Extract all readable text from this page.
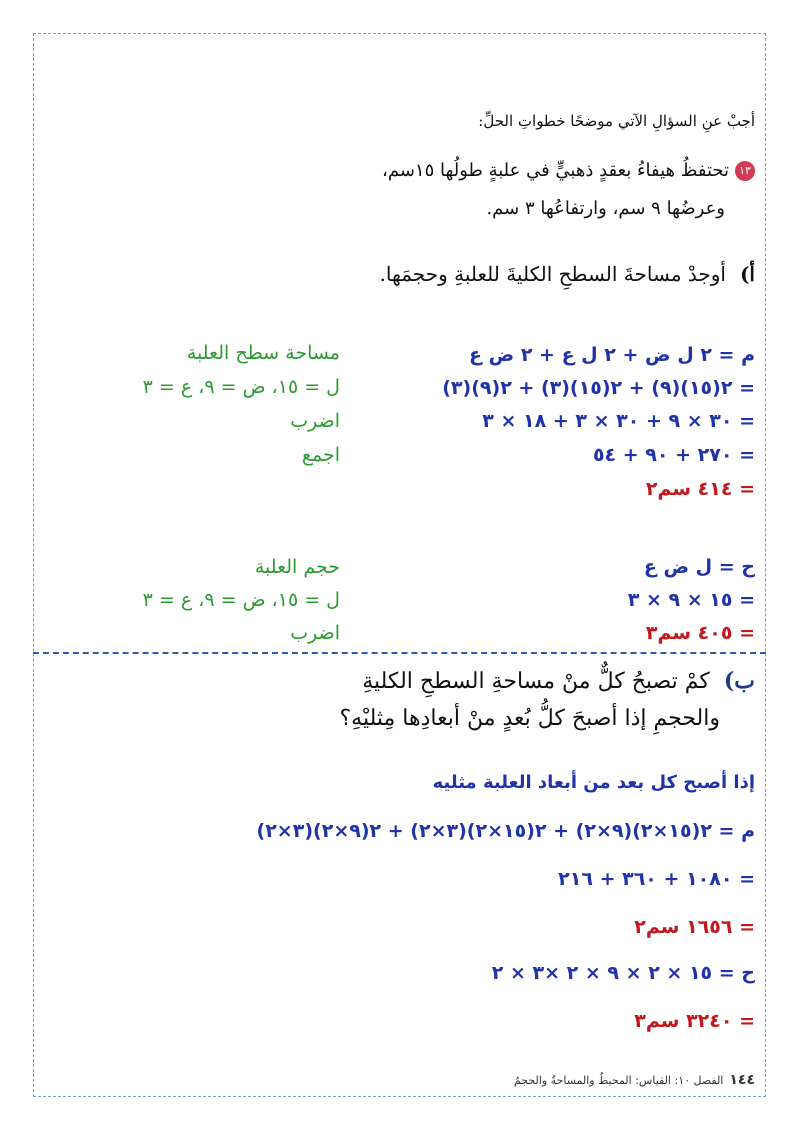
أجبْ عنِ السؤالِ الآتي موضحًا خطواتِ الحلِّ:
١٣تحتفظُ هيفاءُ بعقدٍ ذهبيٍّ في علبةٍ طولُها ١٥سم،
وعرضُها ٩ سم، وارتفاعُها ٣ سم.
أ)أوجدْ مساحةَ السطحِ الكليةَ للعلبةِ وحجمَها.
م = ٢ ل ض + ٢ ل ع + ٢ ض ع
= ٢(١٥)(٩) + ٢(١٥)(٣) + ٢(٩)(٣)
= ٣٠ × ٩ + ٣٠ × ٣ + ١٨ × ٣
= ٢٧٠ + ٩٠ + ٥٤
= ٤١٤ سم٢
مساحة سطح العلبة
ل = ١٥، ض = ٩، ع = ٣
اضرب
اجمع
ح = ل ض ع
= ١٥ × ٩ × ٣
= ٤٠٥ سم٣
حجم العلبة
ل = ١٥، ض = ٩، ع = ٣
اضرب
ب)كمْ تصبحُ كلٌّ منْ مساحةِ السطحِ الكليةِ
والحجمِ إذا أصبحَ كلُّ بُعدٍ منْ أبعادِها مِثليْهِ؟
إذا أصبح كل بعد من أبعاد العلبة مثليه
م = ٢(١٥×٢)(٩×٢) + ٢(١٥×٢)(٣×٢) + ٢(٩×٢)(٣×٢)
= ١٠٨٠ + ٣٦٠ + ٢١٦
= ١٦٥٦ سم٢
ح = ١٥ × ٢ × ٩ × ٢ ×٣ × ٢
= ٣٢٤٠ سم٣
١٤٤الفصل ١٠: القياس: المحيطُ والمساحةُ والحجمُ
